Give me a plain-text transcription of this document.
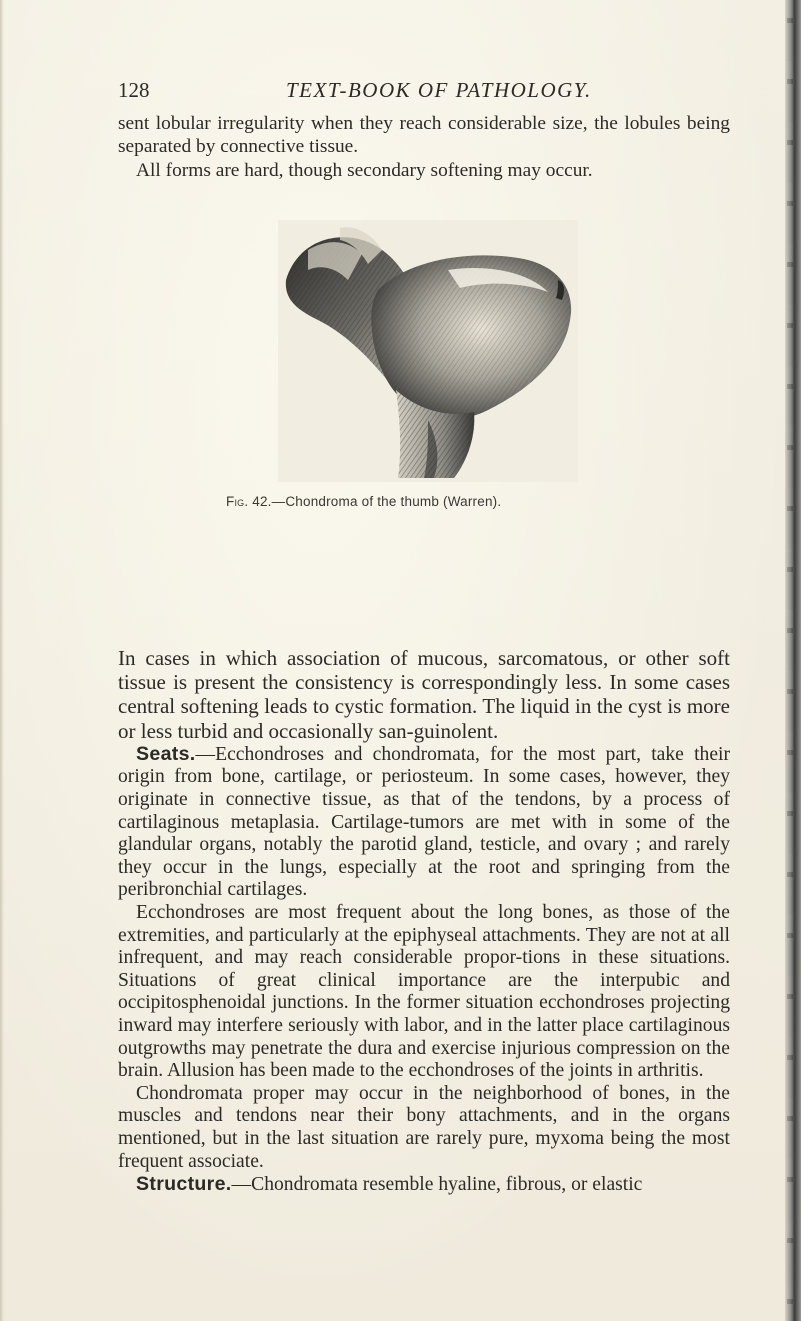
128	TEXT-BOOK OF PATHOLOGY.

sent lobular irregularity when they reach considerable size, the lobules being separated by connective tissue.

All forms are hard, though secondary softening may occur.

Fig. 42.—Chondroma of the thumb (Warren).

In cases in which association of mucous, sarcomatous, or other soft tissue is present the consistency is correspondingly less. In some cases central softening leads to cystic formation. The liquid in the cyst is more or less turbid and occasionally san-guinolent.

Seats.—Ecchondroses and chondromata, for the most part, take their origin from bone, cartilage, or periosteum. In some cases, however, they originate in connective tissue, as that of the tendons, by a process of cartilaginous metaplasia. Cartilage-tumors are met with in some of the glandular organs, notably the parotid gland, testicle, and ovary ; and rarely they occur in the lungs, especially at the root and springing from the peribronchial cartilages.

Ecchondroses are most frequent about the long bones, as those of the extremities, and particularly at the epiphyseal attachments. They are not at all infrequent, and may reach considerable propor-tions in these situations. Situations of great clinical importance are the interpubic and occipitosphenoidal junctions. In the former situation ecchondroses projecting inward may interfere seriously with labor, and in the latter place cartilaginous outgrowths may penetrate the dura and exercise injurious compression on the brain. Allusion has been made to the ecchondroses of the joints in arthritis.

Chondromata proper may occur in the neighborhood of bones, in the muscles and tendons near their bony attachments, and in the organs mentioned, but in the last situation are rarely pure, myxoma being the most frequent associate.

Structure.—Chondromata resemble hyaline, fibrous, or elastic
